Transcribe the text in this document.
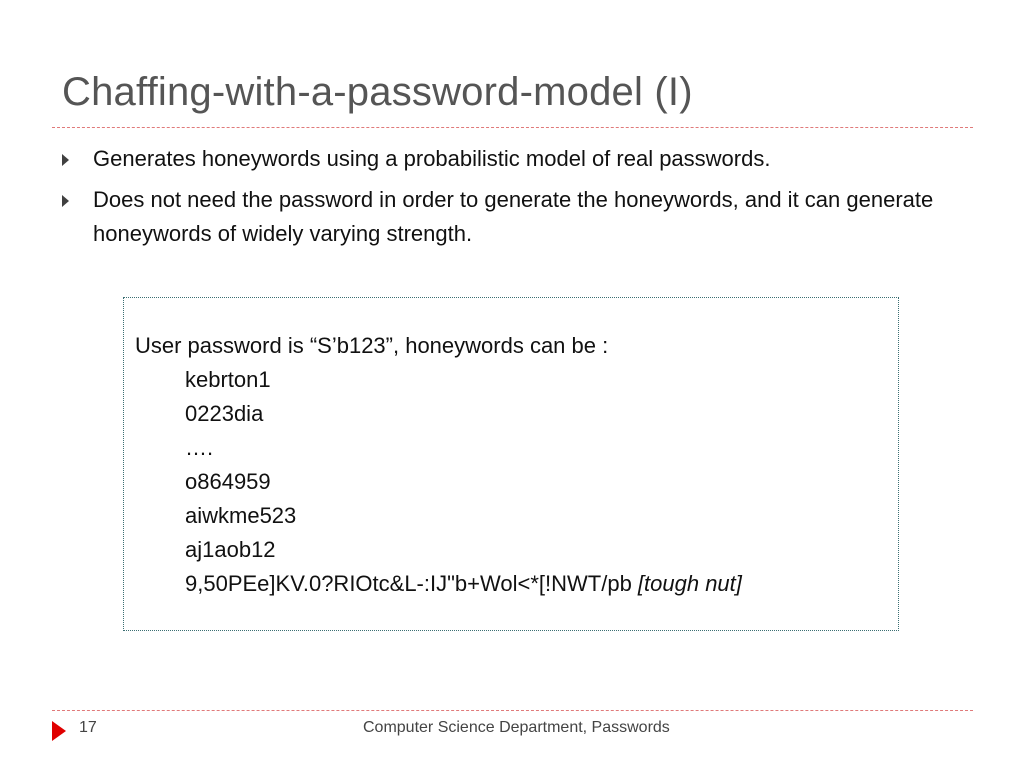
Chaffing-with-a-password-model (I)
Generates honeywords using a probabilistic model of real passwords.
Does not need the password in order to generate the honeywords, and it can generate honeywords of widely varying strength.
User password is “S’b123”, honeywords can be :
kebrton1
0223dia
….
o864959
aiwkme523
aj1aob12
9,50PEe]KV.0?RIOtc&L-:IJ"b+Wol<*[!NWT/pb [tough nut]
17	Computer Science Department, Passwords
